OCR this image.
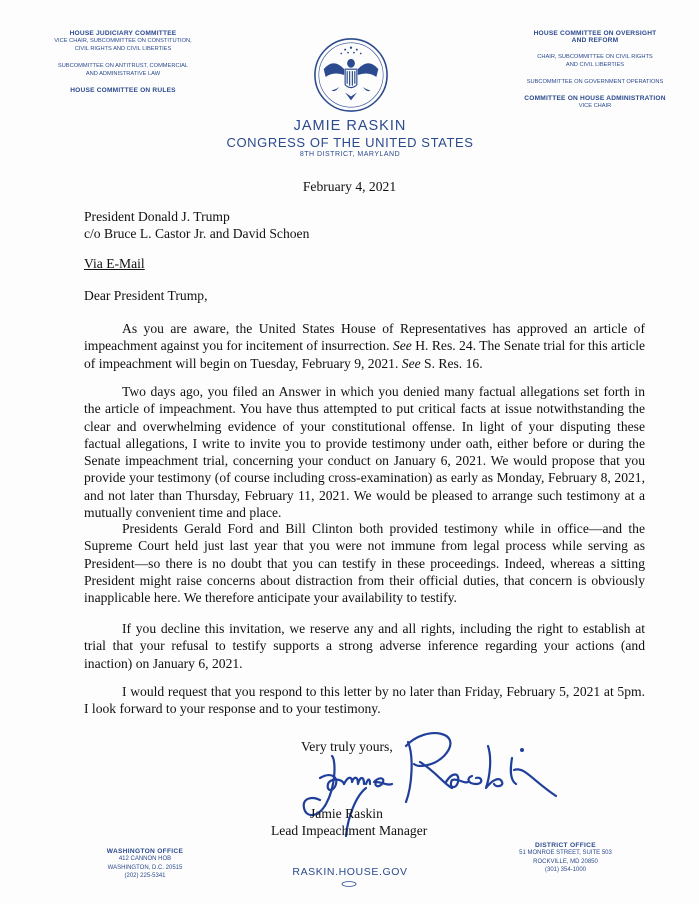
HOUSE JUDICIARY COMMITTEE
VICE CHAIR, SUBCOMMITTEE ON CONSTITUTION,
CIVIL RIGHTS AND CIVIL LIBERTIES
SUBCOMMITTEE ON ANTITRUST, COMMERCIAL
AND ADMINISTRATIVE LAW
HOUSE COMMITTEE ON RULES
HOUSE COMMITTEE ON OVERSIGHT
AND REFORM
CHAIR, SUBCOMMITTEE ON CIVIL RIGHTS
AND CIVIL LIBERTIES
SUBCOMMITTEE ON GOVERNMENT OPERATIONS
COMMITTEE ON HOUSE ADMINISTRATION
VICE CHAIR
JAMIE RASKIN
CONGRESS OF THE UNITED STATES
8TH DISTRICT, MARYLAND
February 4, 2021
President Donald J. Trump
c/o Bruce L. Castor Jr. and David Schoen
Via E-Mail
Dear President Trump,

As you are aware, the United States House of Representatives has approved an article of impeachment against you for incitement of insurrection. See H. Res. 24. The Senate trial for this article of impeachment will begin on Tuesday, February 9, 2021. See S. Res. 16.

Two days ago, you filed an Answer in which you denied many factual allegations set forth in the article of impeachment. You have thus attempted to put critical facts at issue notwithstanding the clear and overwhelming evidence of your constitutional offense. In light of your disputing these factual allegations, I write to invite you to provide testimony under oath, either before or during the Senate impeachment trial, concerning your conduct on January 6, 2021. We would propose that you provide your testimony (of course including cross-examination) as early as Monday, February 8, 2021, and not later than Thursday, February 11, 2021. We would be pleased to arrange such testimony at a mutually convenient time and place.

Presidents Gerald Ford and Bill Clinton both provided testimony while in office—and the Supreme Court held just last year that you were not immune from legal process while serving as President—so there is no doubt that you can testify in these proceedings. Indeed, whereas a sitting President might raise concerns about distraction from their official duties, that concern is obviously inapplicable here. We therefore anticipate your availability to testify.

If you decline this invitation, we reserve any and all rights, including the right to establish at trial that your refusal to testify supports a strong adverse inference regarding your actions (and inaction) on January 6, 2021.

I would request that you respond to this letter by no later than Friday, February 5, 2021 at 5pm. I look forward to your response and to your testimony.

Very truly yours,
Jamie Raskin
Lead Impeachment Manager
WASHINGTON OFFICE
412 CANNON HOB
WASHINGTON, D.C. 20515
(202) 225-5341	RASKIN.HOUSE.GOV
DISTRICT OFFICE
51 MONROE STREET, SUITE 503
ROCKVILLE, MD 20850
(301) 354-1000
